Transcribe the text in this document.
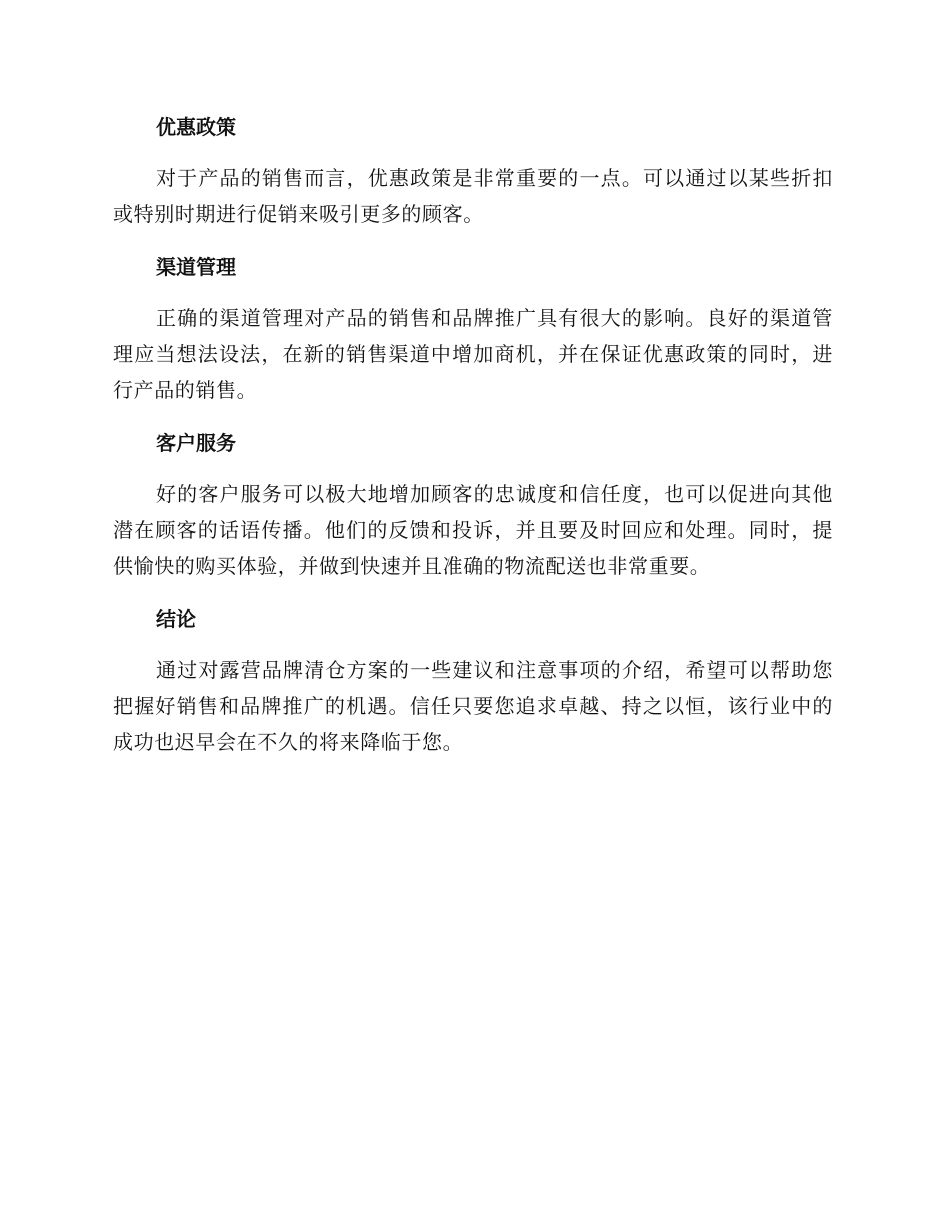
优惠政策

对于产品的销售而言，优惠政策是非常重要的一点。可以通过以某些折扣或特别时期进行促销来吸引更多的顾客。

渠道管理

正确的渠道管理对产品的销售和品牌推广具有很大的影响。良好的渠道管理应当想法设法，在新的销售渠道中增加商机，并在保证优惠政策的同时，进行产品的销售。

客户服务

好的客户服务可以极大地增加顾客的忠诚度和信任度，也可以促进向其他潜在顾客的话语传播。他们的反馈和投诉，并且要及时回应和处理。同时，提供愉快的购买体验，并做到快速并且准确的物流配送也非常重要。

结论

通过对露营品牌清仓方案的一些建议和注意事项的介绍，希望可以帮助您把握好销售和品牌推广的机遇。信任只要您追求卓越、持之以恒，该行业中的成功也迟早会在不久的将来降临于您。
